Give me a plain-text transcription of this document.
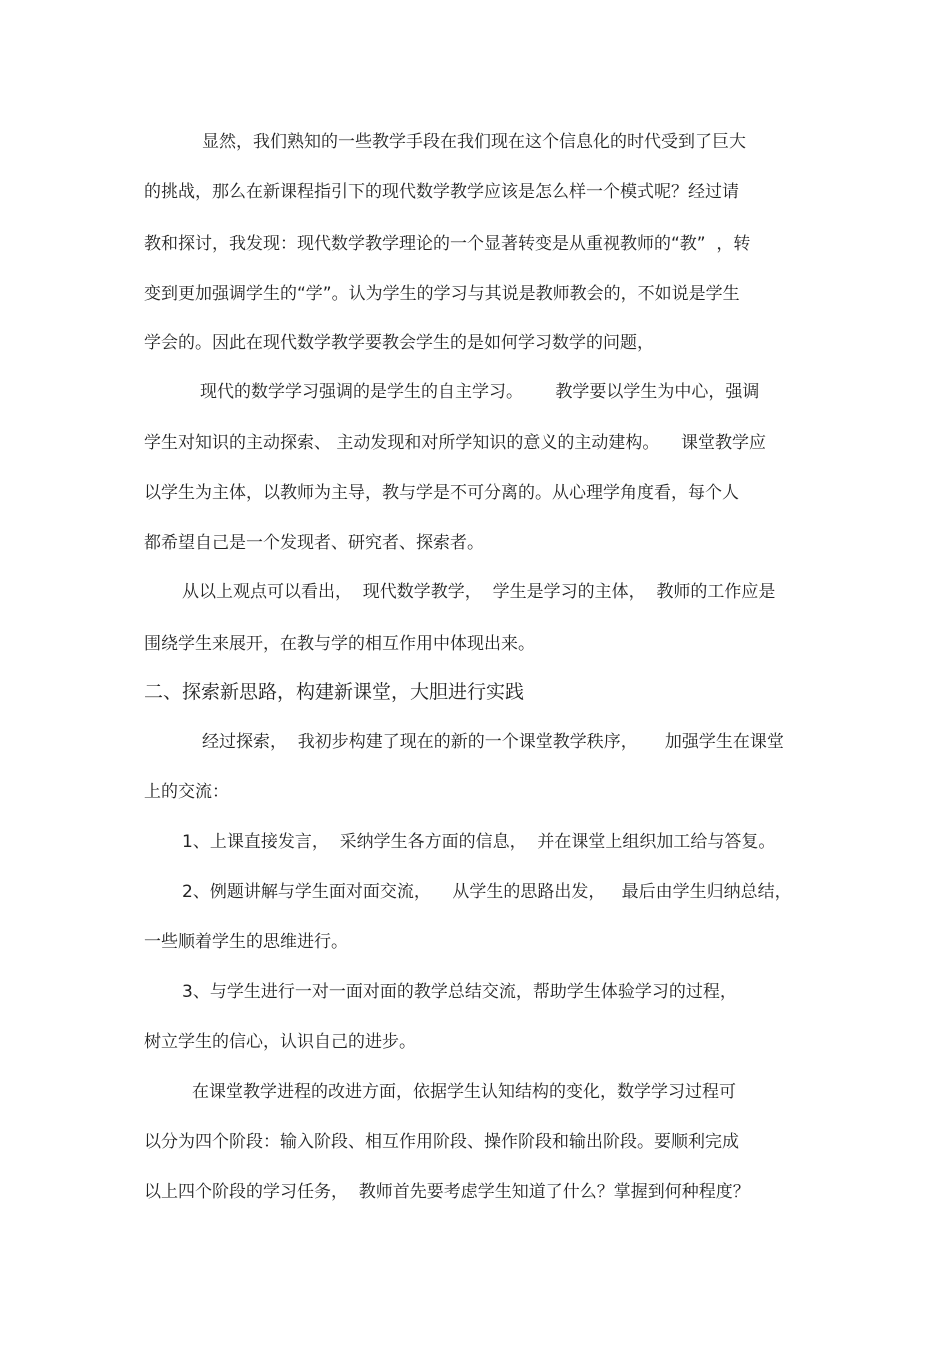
显然，我们熟知的一些教学手段在我们现在这个信息化的时代受到了巨大
的挑战，那么在新课程指引下的现代数学教学应该是怎么样一个模式呢？经过请
教和探讨，我发现：现代数学教学理论的一个显著转变是从重视教师的“教”  ，转
变到更加强调学生的“学”。认为学生的学习与其说是教师教会的，不如说是学生
学会的。因此在现代数学教学要教会学生的是如何学习数学的问题，
现代的数学学习强调的是学生的自主学习。      教学要以学生为中心，强调
学生对知识的主动探索、 主动发现和对所学知识的意义的主动建构。    课堂教学应
以学生为主体，以教师为主导，教与学是不可分离的。从心理学角度看，每个人
都希望自己是一个发现者、研究者、探索者。
从以上观点可以看出，  现代数学教学，  学生是学习的主体，  教师的工作应是
围绕学生来展开，在教与学的相互作用中体现出来。
二、探索新思路，构建新课堂，大胆进行实践
经过探索，  我初步构建了现在的新的一个课堂教学秩序，     加强学生在课堂
上的交流：
1、上课直接发言，  采纳学生各方面的信息，  并在课堂上组织加工给与答复。
2、例题讲解与学生面对面交流，    从学生的思路出发，   最后由学生归纳总结，
一些顺着学生的思维进行。
3、与学生进行一对一面对面的教学总结交流，帮助学生体验学习的过程，
树立学生的信心，认识自己的进步。
在课堂教学进程的改进方面，依据学生认知结构的变化，数学学习过程可
以分为四个阶段：输入阶段、相互作用阶段、操作阶段和输出阶段。要顺利完成
以上四个阶段的学习任务，  教师首先要考虑学生知道了什么？掌握到何种程度？
